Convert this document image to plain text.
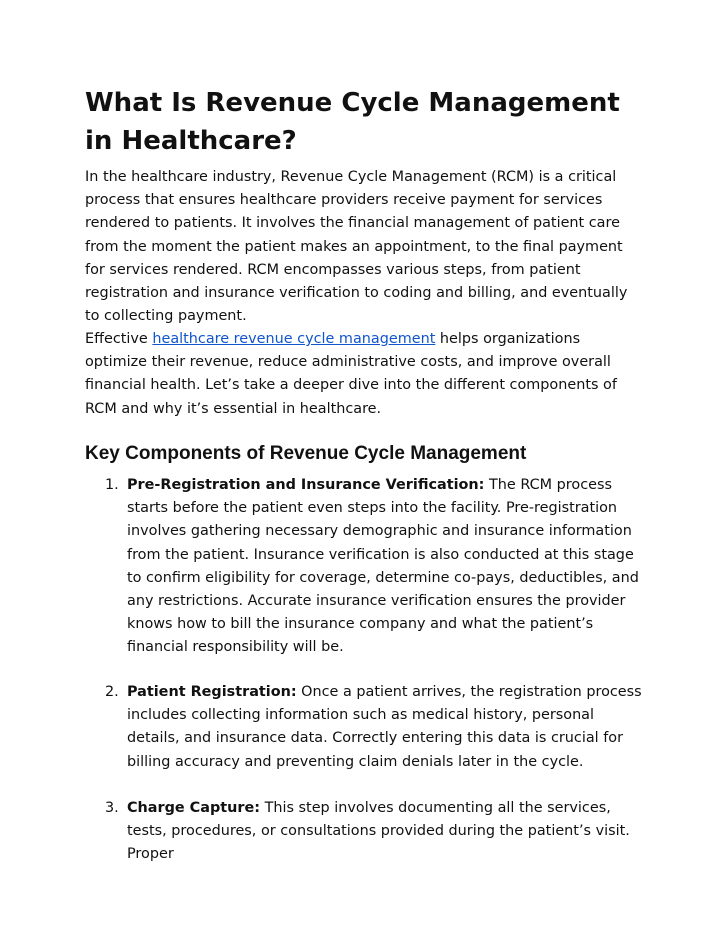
What Is Revenue Cycle Management in Healthcare?

In the healthcare industry, Revenue Cycle Management (RCM) is a critical process that ensures healthcare providers receive payment for services rendered to patients. It involves the financial management of patient care from the moment the patient makes an appointment, to the final payment for services rendered. RCM encompasses various steps, from patient registration and insurance verification to coding and billing, and eventually to collecting payment.

Effective healthcare revenue cycle management helps organizations optimize their revenue, reduce administrative costs, and improve overall financial health. Let’s take a deeper dive into the different components of RCM and why it’s essential in healthcare.

Key Components of Revenue Cycle Management
1. Pre-Registration and Insurance Verification: The RCM process starts before the patient even steps into the facility. Pre-registration involves gathering necessary demographic and insurance information from the patient. Insurance verification is also conducted at this stage to confirm eligibility for coverage, determine co-pays, deductibles, and any restrictions. Accurate insurance verification ensures the provider knows how to bill the insurance company and what the patient’s financial responsibility will be.

2. Patient Registration: Once a patient arrives, the registration process includes collecting information such as medical history, personal details, and insurance data. Correctly entering this data is crucial for billing accuracy and preventing claim denials later in the cycle.

3. Charge Capture: This step involves documenting all the services, tests, procedures, or consultations provided during the patient’s visit. Proper
